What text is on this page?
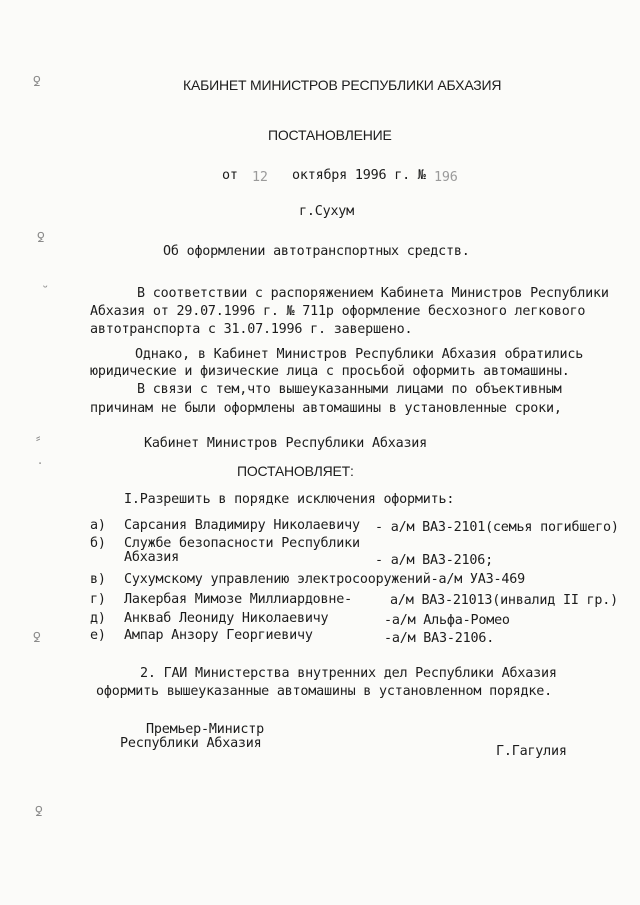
ꝿ
ꝿ
˘
⸗
·
ꝿ
ꝿ
КАБИНЕТ МИНИСТРОВ РЕСПУБЛИКИ АБХАЗИЯ
ПОСТАНОВЛЕНИЕ
от 12 октября 1996 г. № 196
г.Сухум
Об оформлении автотранспортных средств.
В соответствии с распоряжением Кабинета Министров Республики
Абхазия от 29.07.1996 г. № 711р оформление бесхозного легкового
автотранспорта с 31.07.1996 г. завершено.
Однако, в Кабинет Министров Республики Абхазия обратились
юридические и физические лица с просьбой оформить автомашины.
В связи с тем,что вышеуказанными лицами по объективным
причинам не были оформлены автомашины в установленные сроки,
Кабинет Министров Республики Абхазия
ПОСТАНОВЛЯЕТ:
I.Разрешить в порядке исключения оформить:
а) Сарсания Владимиру Николаевичу - а/м ВАЗ-2101(семья погибшего)
б) Службе безопасности Республики
Абхазия	- а/м ВАЗ-2106;
в) Сухумскому управлению электросооружений-а/м УАЗ-469
г) Лакербая Мимозе Миллиардовне-	а/м ВАЗ-21013(инвалид II гр.)
д) Анкваб Леониду Николаевичу	-а/м Альфа-Ромео
е) Ампар Анзору Георгиевичу	-а/м ВАЗ-2106.
2. ГАИ Министерства внутренних дел Республики Абхазия
оформить вышеуказанные автомашины в установленном порядке.
Премьер-Министр
Республики Абхазия
Г.Гагулия
